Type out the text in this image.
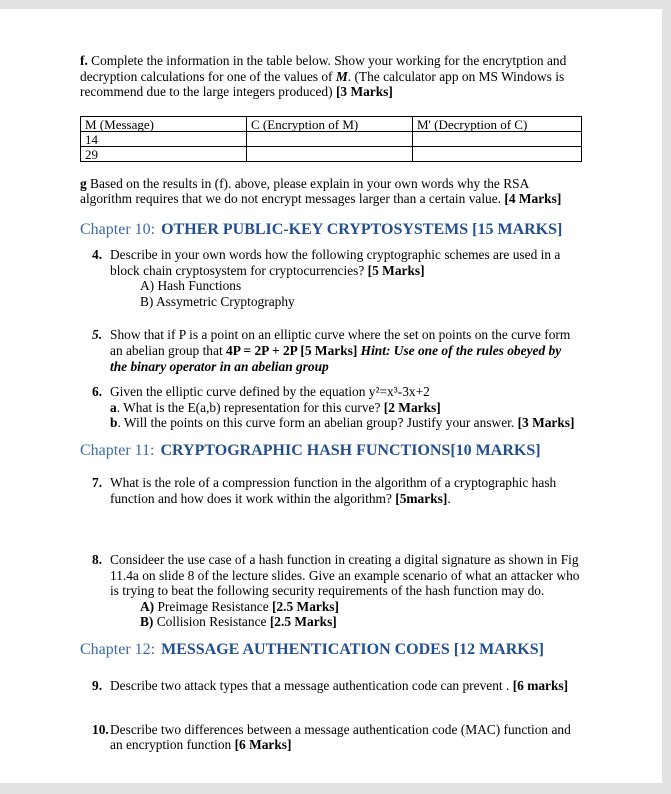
f. Complete the information in the table below. Show your working for the encrytption and decryption calculations for one of the values of M. (The calculator app on MS Windows is recommend due to the large integers produced) [3 Marks]

M (Message)	C (Encryption of M)	M' (Decryption of C)
14		
29		

g Based on the results in (f). above, please explain in your own words why the RSA algorithm requires that we do not encrypt messages larger than a certain value. [4 Marks]

Chapter 10: OTHER PUBLIC-KEY CRYPTOSYSTEMS [15 MARKS]
4. Describe in your own words how the following cryptographic schemes are used in a block chain cryptosystem for cryptocurrencies? [5 Marks]
A) Hash Functions
B) Assymetric Cryptography
5. Show that if P is a point on an elliptic curve where the set on points on the curve form an abelian group that 4P = 2P + 2P [5 Marks] Hint: Use one of the rules obeyed by the binary operator in an abelian group
6. Given the elliptic curve defined by the equation y²=x³-3x+2
a. What is the E(a,b) representation for this curve? [2 Marks]
b. Will the points on this curve form an abelian group? Justify your answer. [3 Marks]
Chapter 11: CRYPTOGRAPHIC HASH FUNCTIONS[10 MARKS]
7. What is the role of a compression function in the algorithm of a cryptographic hash function and how does it work within the algorithm? [5marks].
8. Consideer the use case of a hash function in creating a digital signature as shown in Fig 11.4a on slide 8 of the lecture slides. Give an example scenario of what an attacker who is trying to beat the following security requirements of the hash function may do.
A) Preimage Resistance [2.5 Marks]
B) Collision Resistance [2.5 Marks]
Chapter 12: MESSAGE AUTHENTICATION CODES [12 MARKS]
9. Describe two attack types that a message authentication code can prevent . [6 marks]
10. Describe two differences between a message authentication code (MAC) function and an encryption function [6 Marks]
